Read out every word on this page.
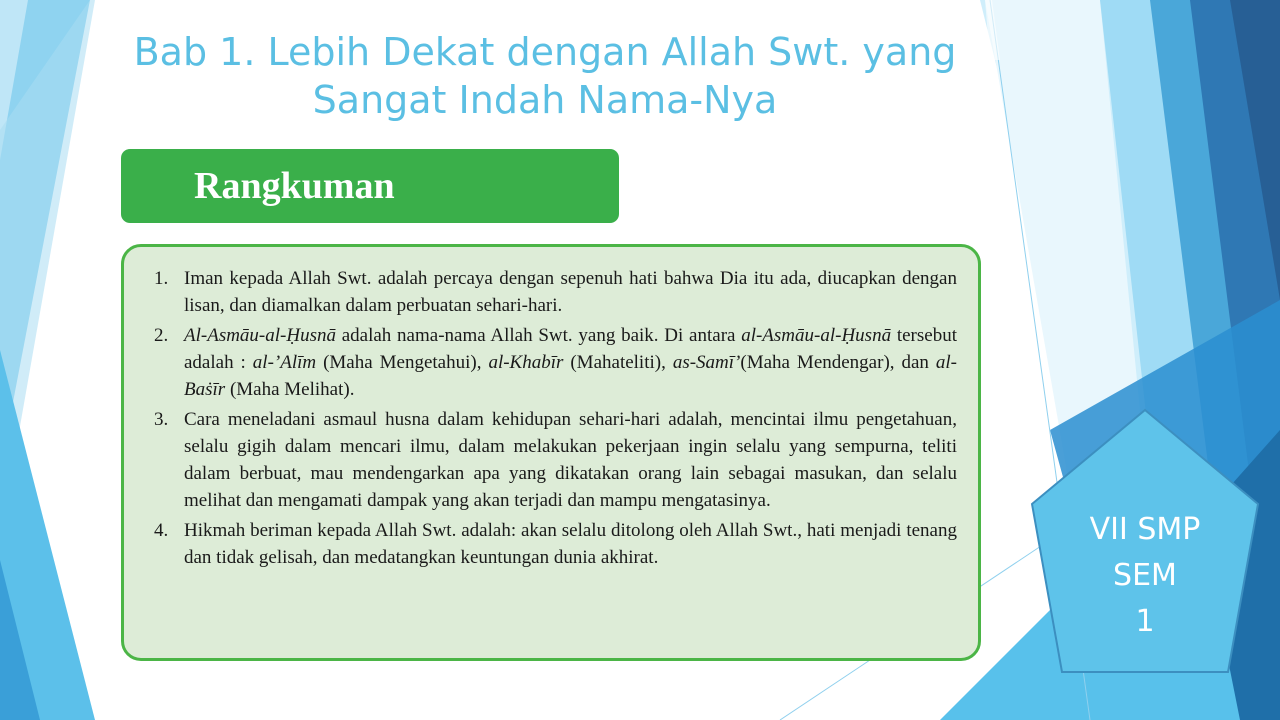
Bab 1. Lebih Dekat dengan Allah Swt. yang Sangat Indah Nama-Nya
Rangkuman
1. Iman kepada Allah Swt. adalah percaya dengan sepenuh hati bahwa Dia itu ada, diucapkan dengan lisan, dan diamalkan dalam perbuatan sehari-hari.
2. Al-Asmāu-al-Ḥusnā adalah nama-nama Allah Swt. yang baik. Di antara al-Asmāu-al-Ḥusnā tersebut adalah : al-ʼAlīm (Maha Mengetahui), al-Khabīr (Mahateliti), as-Samīʼ(Maha Mendengar), dan al-Baṡīr (Maha Melihat).
3. Cara meneladani asmaul husna dalam kehidupan sehari-hari adalah, mencintai ilmu pengetahuan, selalu gigih dalam mencari ilmu, dalam melakukan pekerjaan ingin selalu yang sempurna, teliti dalam berbuat, mau mendengarkan apa yang dikatakan orang lain sebagai masukan, dan selalu melihat dan mengamati dampak yang akan terjadi dan mampu mengatasinya.
4. Hikmah beriman kepada Allah Swt. adalah: akan selalu ditolong oleh Allah Swt., hati menjadi tenang dan tidak gelisah, dan medatangkan keuntungan dunia akhirat.
VII SMP
SEM
1
